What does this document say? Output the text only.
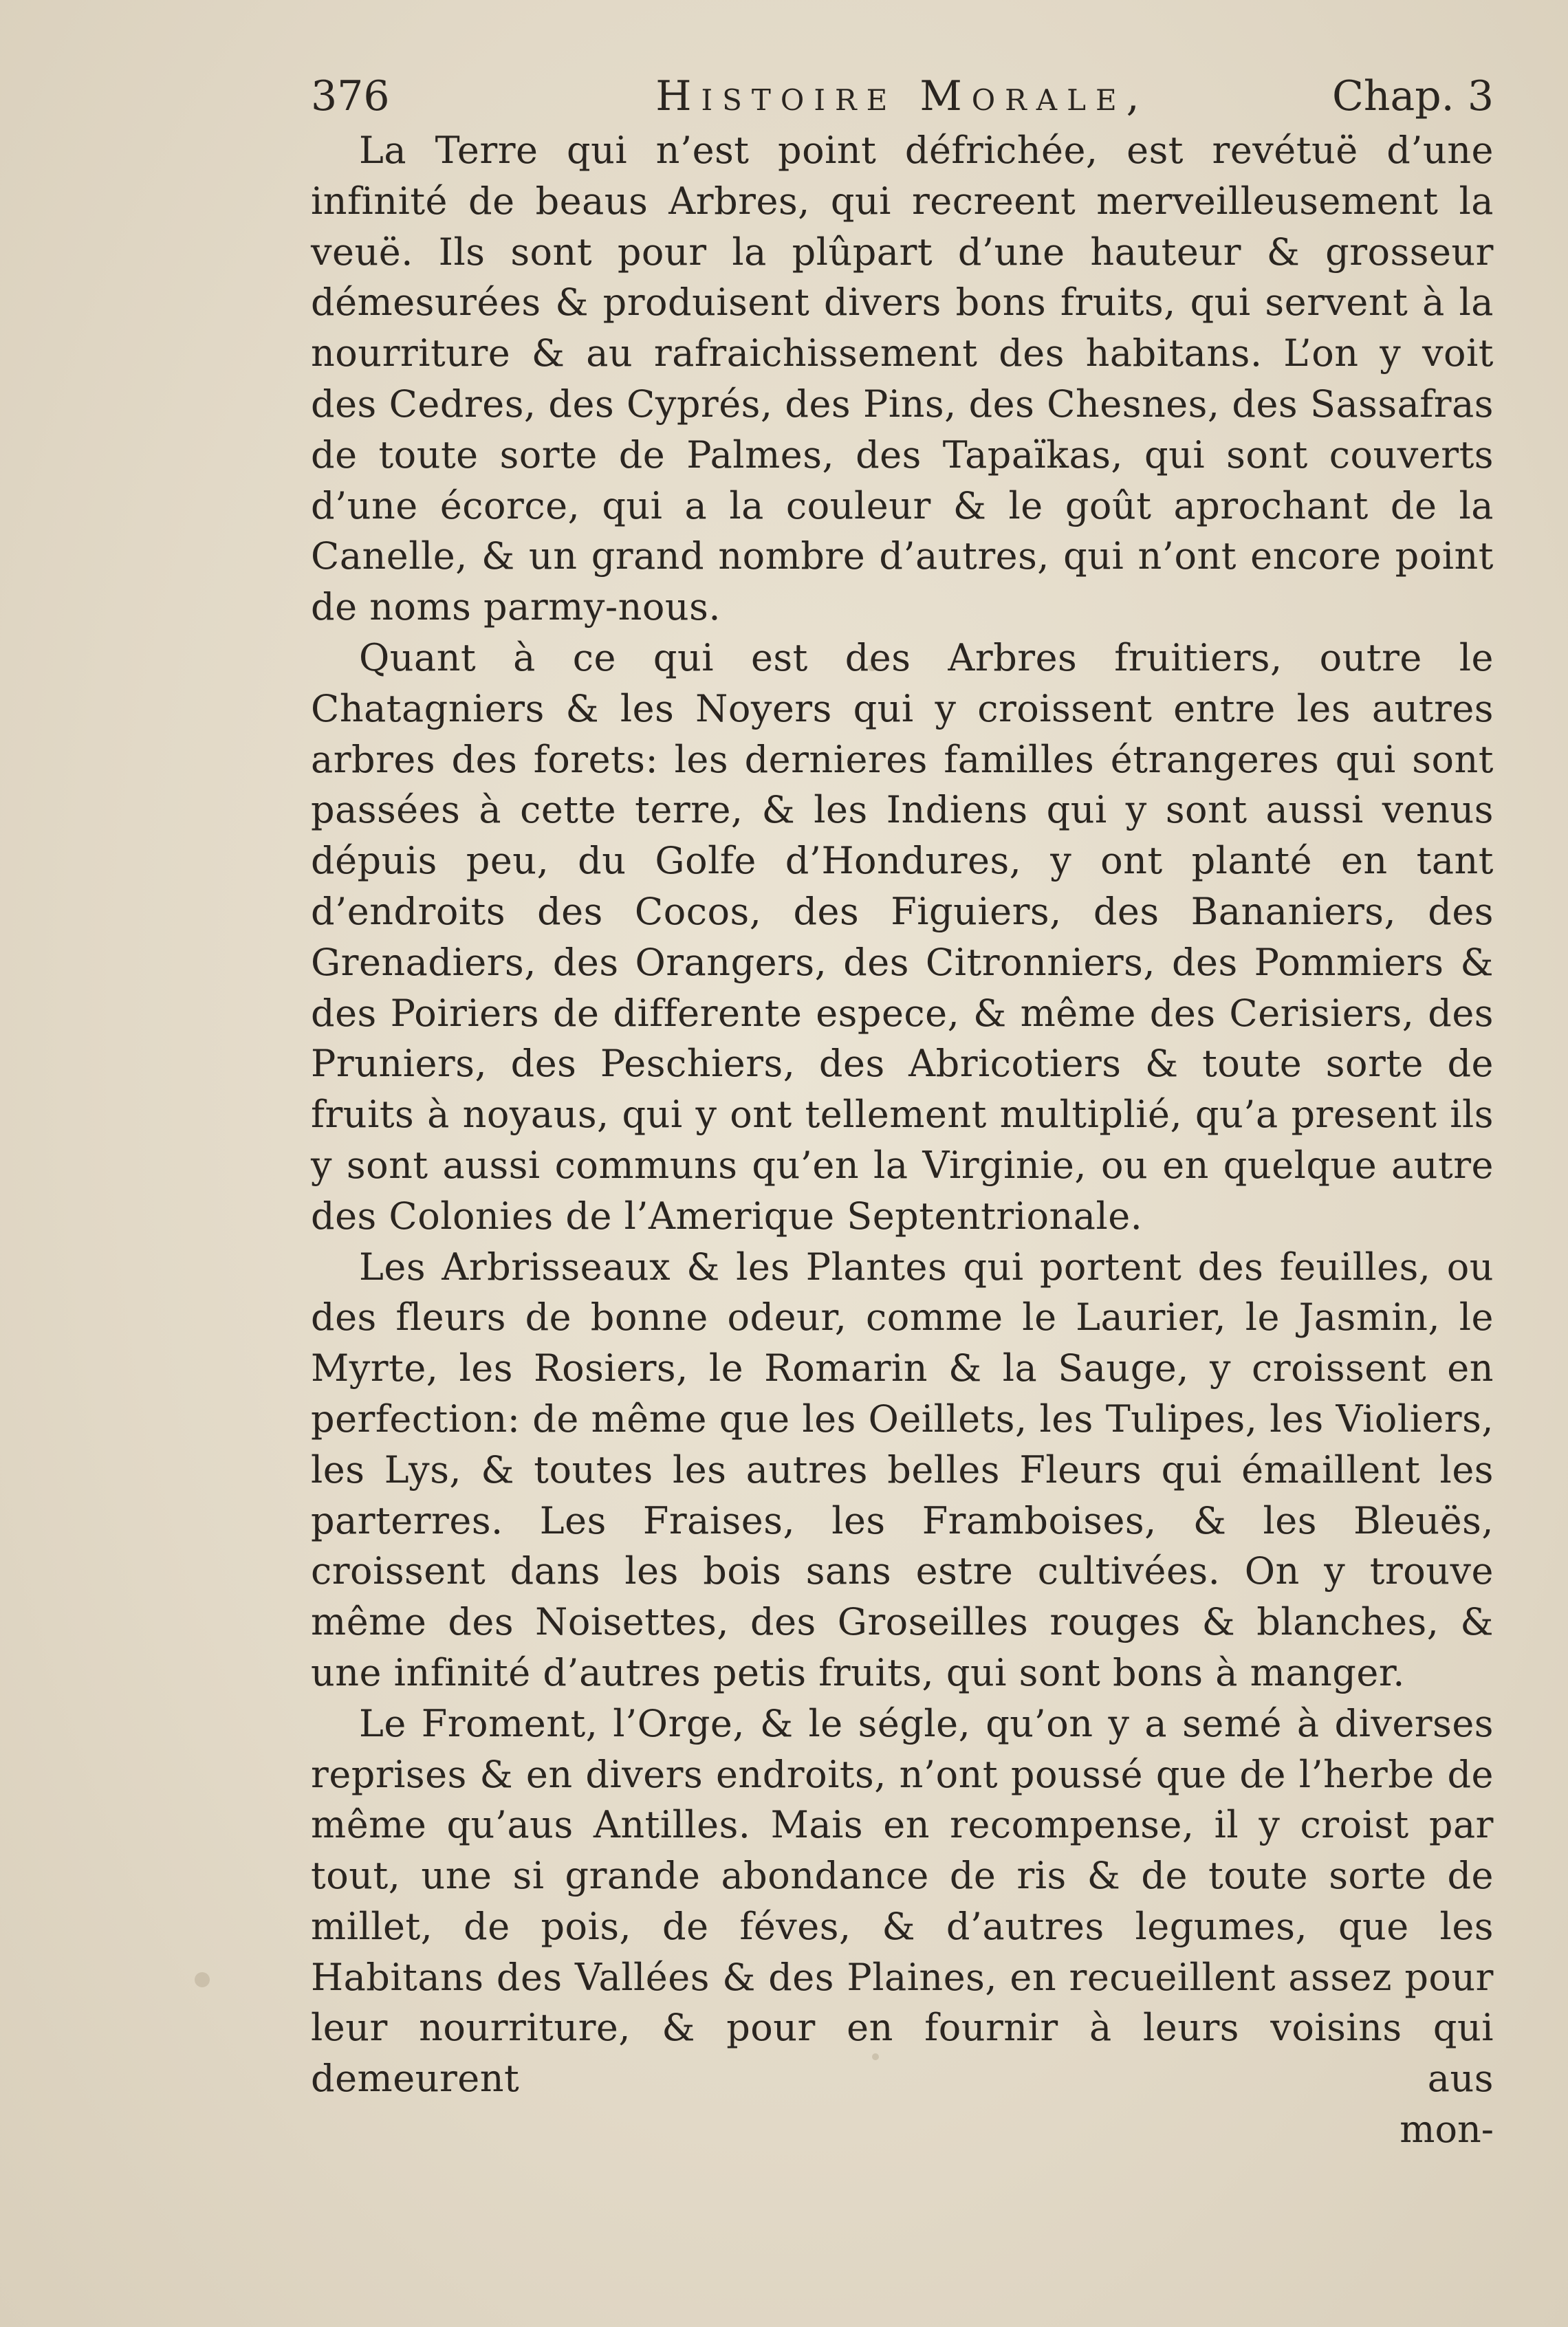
376	Histoire Morale,	Chap. 3

La Terre qui n’est point défrichée, est revétuë d’une infinité de beaus Arbres, qui recreent merveilleusement la veuë. Ils sont pour la plûpart d’une hauteur & grosseur démesurées & produisent divers bons fruits, qui servent à la nourriture & au rafraichissement des habitans. L’on y voit des Cedres, des Cyprés, des Pins, des Chesnes, des Sassafras de toute sorte de Palmes, des Tapaïkas, qui sont couverts d’une écorce, qui a la couleur & le goût aprochant de la Canelle, & un grand nombre d’autres, qui n’ont encore point de noms parmy-nous.

Quant à ce qui est des Arbres fruitiers, outre le Chatagniers & les Noyers qui y croissent entre les autres arbres des forets: les dernieres familles étrangeres qui sont passées à cette terre, & les Indiens qui y sont aussi venus dépuis peu, du Golfe d’Hondures, y ont planté en tant d’endroits des Cocos, des Figuiers, des Bananiers, des Grenadiers, des Orangers, des Citronniers, des Pommiers & des Poiriers de differente espece, & même des Cerisiers, des Pruniers, des Peschiers, des Abricotiers & toute sorte de fruits à noyaus, qui y ont tellement multiplié, qu’a present ils y sont aussi communs qu’en la Virginie, ou en quelque autre des Colonies de l’Amerique Septentrionale.

Les Arbrisseaux & les Plantes qui portent des feuilles, ou des fleurs de bonne odeur, comme le Laurier, le Jasmin, le Myrte, les Rosiers, le Romarin & la Sauge, y croissent en perfection: de même que les Oeillets, les Tulipes, les Violiers, les Lys, & toutes les autres belles Fleurs qui émaillent les parterres. Les Fraises, les Framboises, & les Bleuës, croissent dans les bois sans estre cultivées. On y trouve même des Noisettes, des Groseilles rouges & blanches, & une infinité d’autres petis fruits, qui sont bons à manger.

Le Froment, l’Orge, & le ségle, qu’on y a semé à diverses reprises & en divers endroits, n’ont poussé que de l’herbe de même qu’aus Antilles. Mais en recompense, il y croist par tout, une si grande abondance de ris & de toute sorte de millet, de pois, de féves, & d’autres legumes, que les Habitans des Vallées & des Plaines, en recueillent assez pour leur nourriture, & pour en fournir à leurs voisins qui demeurent aus

mon-
